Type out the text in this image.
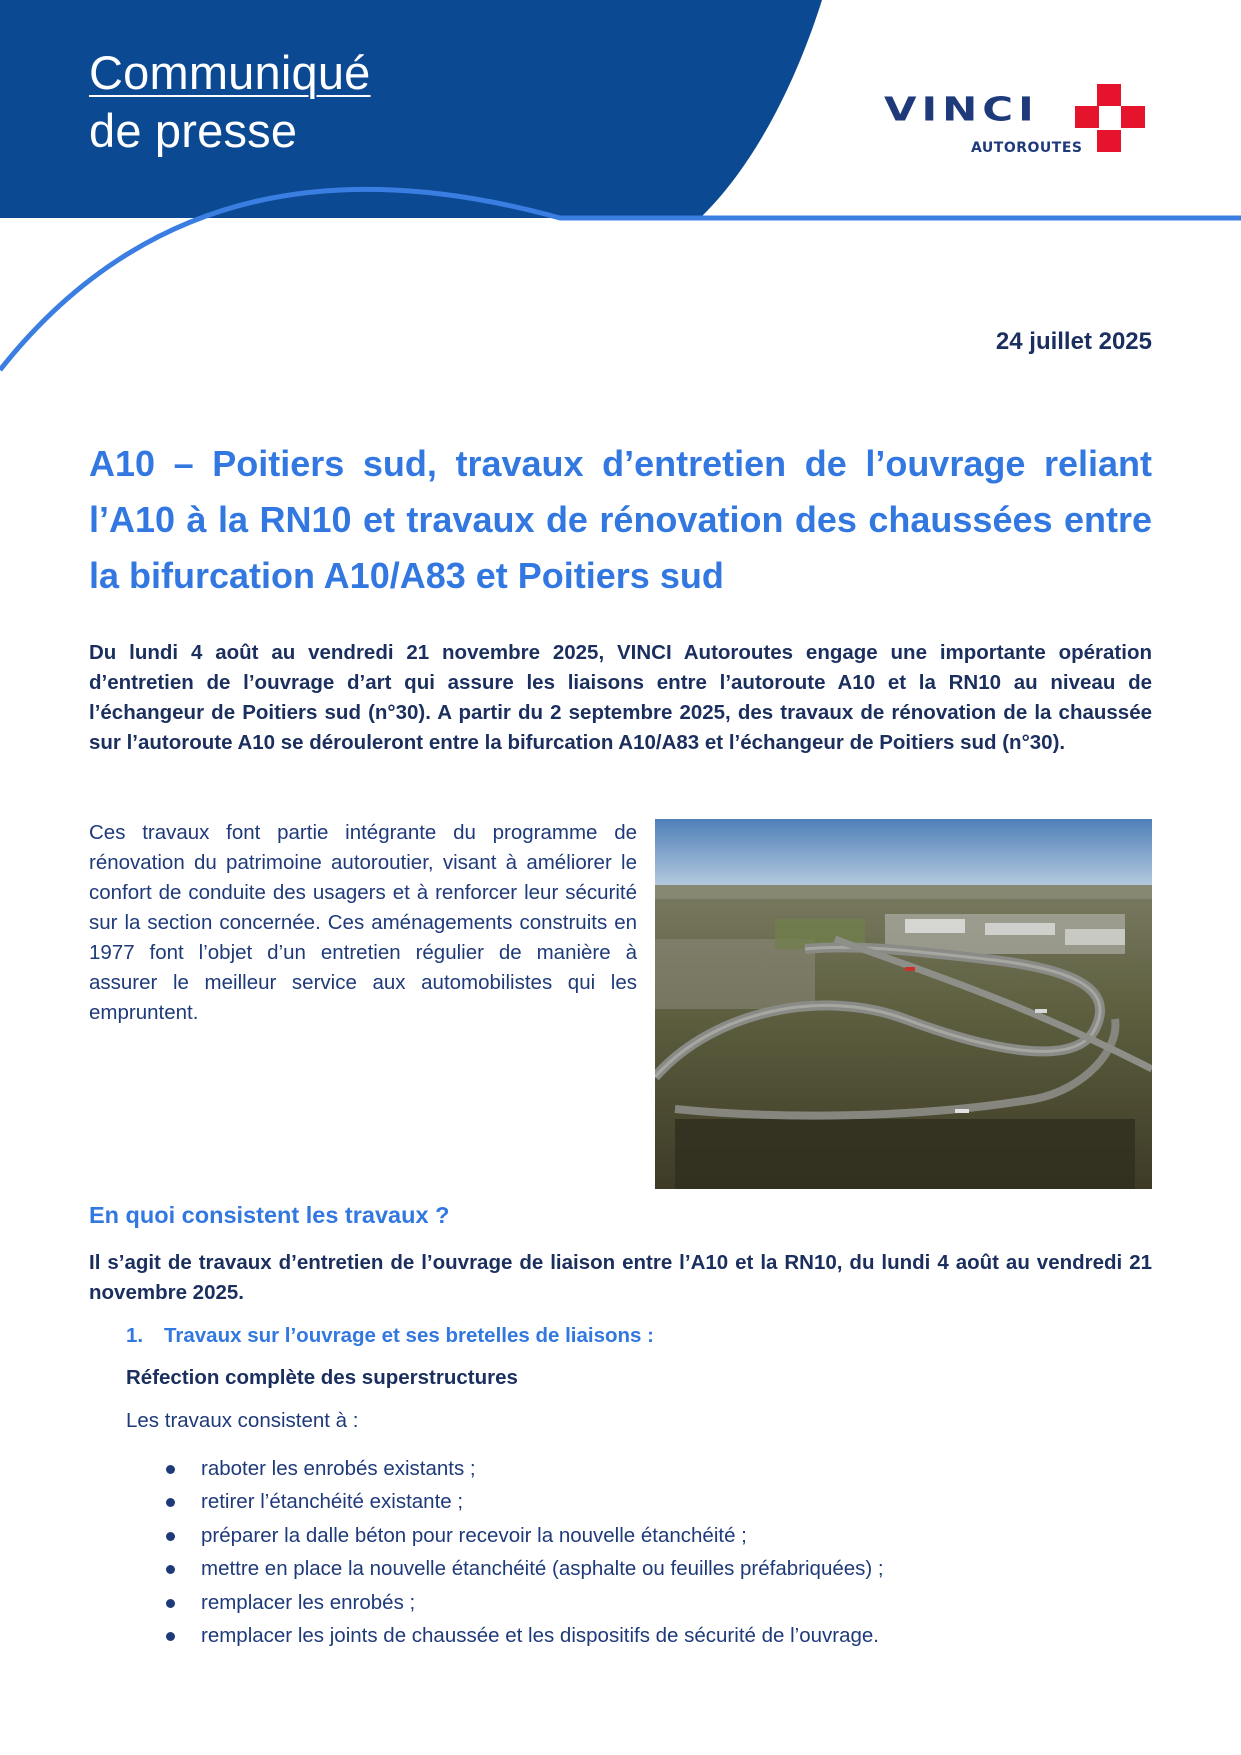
Communiqué
de presse	VINCI
AUTOROUTES
24 juillet 2025
A10 – Poitiers sud, travaux d’entretien de l’ouvrage reliant l’A10 à la RN10 et travaux de rénovation des chaussées entre la bifurcation A10/A83 et Poitiers sud

Du lundi 4 août au vendredi 21 novembre 2025, VINCI Autoroutes engage une importante opération d’entretien de l’ouvrage d’art qui assure les liaisons entre l’autoroute A10 et la RN10 au niveau de l’échangeur de Poitiers sud (n°30). A partir du 2 septembre 2025, des travaux de rénovation de la chaussée sur l’autoroute A10 se dérouleront entre la bifurcation A10/A83 et l’échangeur de Poitiers sud (n°30).

Ces travaux font partie intégrante du programme de rénovation du patrimoine autoroutier, visant à améliorer le confort de conduite des usagers et à renforcer leur sécurité sur la section concernée. Ces aménagements construits en 1977 font l’objet d’un entretien régulier de manière à assurer le meilleur service aux automobilistes qui les empruntent.

En quoi consistent les travaux ?

Il s’agit de travaux d’entretien de l’ouvrage de liaison entre l’A10 et la RN10, du lundi 4 août au vendredi 21 novembre 2025.

1. Travaux sur l’ouvrage et ses bretelles de liaisons :
Réfection complète des superstructures
Les travaux consistent à :
raboter les enrobés existants ;
retirer l’étanchéité existante ;
préparer la dalle béton pour recevoir la nouvelle étanchéité ;
mettre en place la nouvelle étanchéité (asphalte ou feuilles préfabriquées) ;
remplacer les enrobés ;
remplacer les joints de chaussée et les dispositifs de sécurité de l’ouvrage.
